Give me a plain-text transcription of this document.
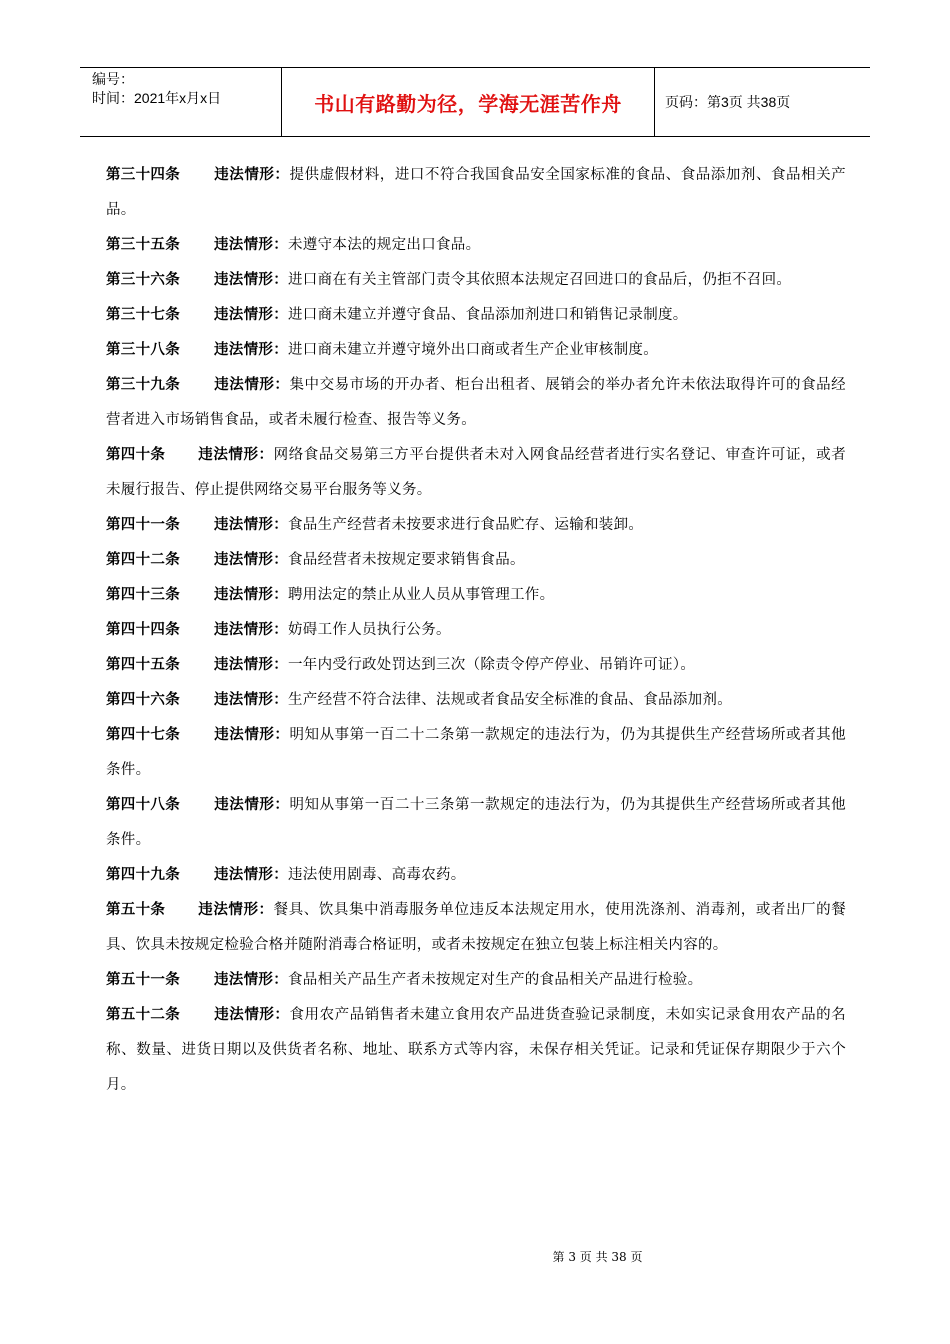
编号：
时间：2021年x月x日	书山有路勤为径，学海无涯苦作舟	页码：第3页 共38页
第三十四条 违法情形：提供虚假材料，进口不符合我国食品安全国家标准的食品、食品添加剂、食品相关产品。
第三十五条 违法情形：未遵守本法的规定出口食品。
第三十六条 违法情形：进口商在有关主管部门责令其依照本法规定召回进口的食品后，仍拒不召回。
第三十七条 违法情形：进口商未建立并遵守食品、食品添加剂进口和销售记录制度。
第三十八条 违法情形：进口商未建立并遵守境外出口商或者生产企业审核制度。
第三十九条 违法情形：集中交易市场的开办者、柜台出租者、展销会的举办者允许未依法取得许可的食品经营者进入市场销售食品，或者未履行检查、报告等义务。
第四十条 违法情形：网络食品交易第三方平台提供者未对入网食品经营者进行实名登记、审查许可证，或者未履行报告、停止提供网络交易平台服务等义务。
第四十一条 违法情形：食品生产经营者未按要求进行食品贮存、运输和装卸。
第四十二条 违法情形：食品经营者未按规定要求销售食品。
第四十三条 违法情形：聘用法定的禁止从业人员从事管理工作。
第四十四条 违法情形：妨碍工作人员执行公务。
第四十五条 违法情形：一年内受行政处罚达到三次（除责令停产停业、吊销许可证）。
第四十六条 违法情形：生产经营不符合法律、法规或者食品安全标准的食品、食品添加剂。
第四十七条 违法情形：明知从事第一百二十二条第一款规定的违法行为，仍为其提供生产经营场所或者其他条件。
第四十八条 违法情形：明知从事第一百二十三条第一款规定的违法行为，仍为其提供生产经营场所或者其他条件。
第四十九条 违法情形：违法使用剧毒、高毒农药。
第五十条 违法情形：餐具、饮具集中消毒服务单位违反本法规定用水，使用洗涤剂、消毒剂，或者出厂的餐具、饮具未按规定检验合格并随附消毒合格证明，或者未按规定在独立包装上标注相关内容的。
第五十一条 违法情形：食品相关产品生产者未按规定对生产的食品相关产品进行检验。
第五十二条 违法情形：食用农产品销售者未建立食用农产品进货查验记录制度，未如实记录食用农产品的名称、数量、进货日期以及供货者名称、地址、联系方式等内容，未保存相关凭证。记录和凭证保存期限少于六个月。
第 3 页 共 38 页
